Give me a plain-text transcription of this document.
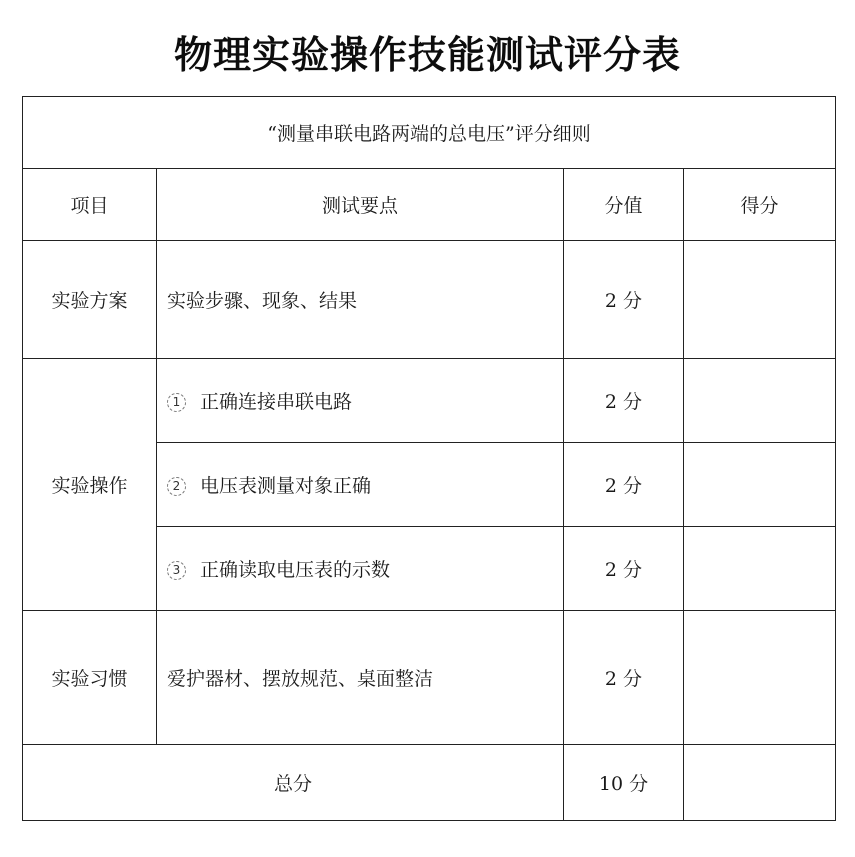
物理实验操作技能测试评分表
“测量串联电路两端的总电压”评分细则			
项目	测试要点	分值	得分
实验方案	实验步骤、现象、结果	2 分	
实验操作	1 正确连接串联电路	2 分	
	2 电压表测量对象正确	2 分	
	3 正确读取电压表的示数	2 分	
实验习惯	爱护器材、摆放规范、桌面整洁	2 分	
总分		10 分	
